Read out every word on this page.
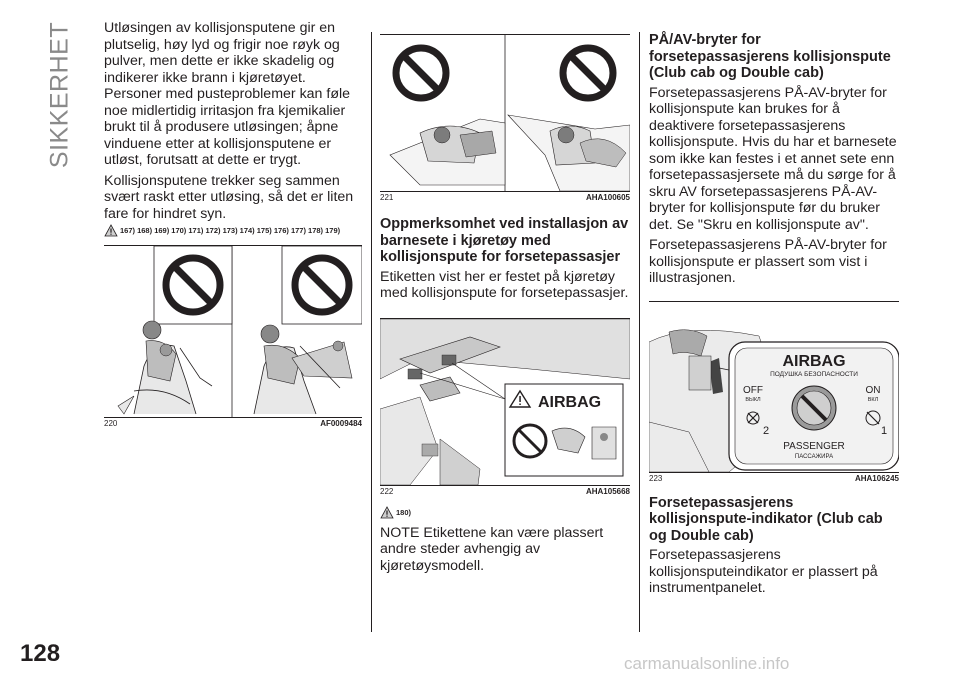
SIKKERHET
128	carmanualsonline.info

Utløsingen av kollisjonsputene gir en plutselig, høy lyd og frigir noe røyk og pulver, men dette er ikke skadelig og indikerer ikke brann i kjøretøyet. Personer med pusteproblemer kan føle noe midlertidig irritasjon fra kjemikalier brukt til å produsere utløsingen; åpne vinduene etter at kollisjonsputene er utløst, forutsatt at dette er trygt.

Kollisjonsputene trekker seg sammen svært raskt etter utløsing, så det er liten fare for hindret syn.

167) 168) 169) 170) 171) 172) 173) 174) 175) 176) 177) 178) 179)
220	AF0009484
221	AHA100605
Oppmerksomhet ved installasjon av barnesete i kjøretøy med kollisjonspute for forsetepassasjer

Etiketten vist her er festet på kjøretøy med kollisjonspute for forsetepassasjer.

AIRBAG
222	AHA105668
180)

NOTE Etikettene kan være plassert andre steder avhengig av kjøretøysmodell.

PÅ/AV-bryter for forsetepassasjerens kollisjonspute (Club cab og Double cab)

Forsetepassasjerens PÅ-AV-bryter for kollisjonspute kan brukes for å deaktivere forsetepassasjerens kollisjonspute. Hvis du har et barnesete som ikke kan festes i et annet sete enn forsetepassasjersete må du sørge for å skru AV forsetepassasjerens PÅ-AV-bryter for kollisjonspute før du bruker det. Se "Skru en kollisjonspute av".

Forsetepassasjerens PÅ-AV-bryter for kollisjonspute er plassert som vist i illustrasjonen.

AIRBAG
ПОДУШКА БЕЗОПАСНОСТИ
OFF
ВЫКЛ
ON
ВКЛ
1
2
PASSENGER
ПАССАЖИРА
223	AHA106245
Forsetepassasjerens kollisjonspute-indikator (Club cab og Double cab)

Forsetepassasjerens kollisjonsputeindikator er plassert på instrumentpanelet.
